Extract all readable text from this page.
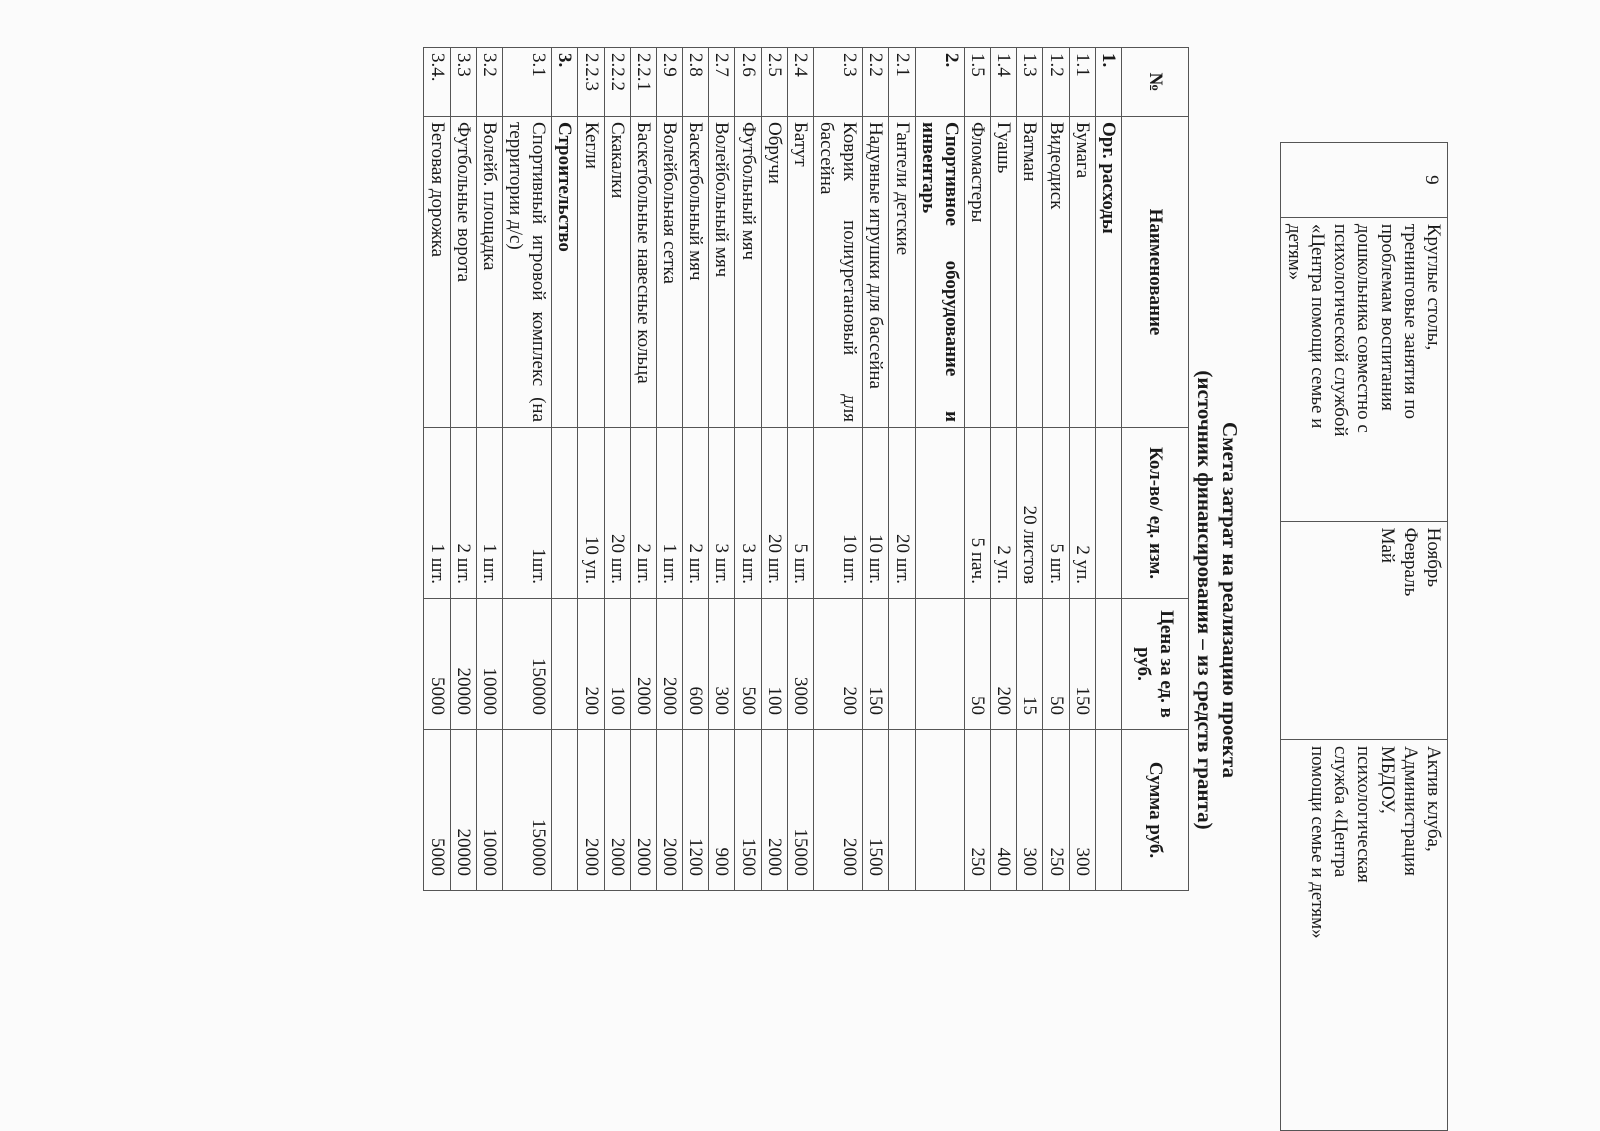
9	
Круглые столы,
тренинговые занятия по
проблемам воспитания
дошкольника совместно с
психологической службой
«Центра помощи семье и
детям»

Ноябрь
Февраль
Май

Актив клуба,
Администрация
МБДОУ,
психологическая
служба «Центра
помощи семье и детям»
Смета затрат на реализацию проекта
(источник финансирования – из средств гранта)
№	Наименование	Кол-во/ ед. изм.	Цена за ед. в руб.	Сумма руб.
1.	Орг. расходы			
1.1	Бумага	2 уп.	150	300
1.2	Видеодиск	5 шт.	50	250
1.3	Ватман	20 листов	15	300
1.4	Гуашь	2 уп.	200	400
1.5	Фломастеры	5 пач.	50	250
2.	Спортивное оборудование и инвентарь			
2.1	Гантели детские	20 шт.		
2.2	Надувные игрушки для бассейна	10 шт.	150	1500
2.3	Коврик полиуретановый для бассейна	10 шт.	200	2000
2.4	Батут	5 шт.	3000	15000
2.5	Обручи	20 шт.	100	2000
2.6	Футбольный мяч	3 шт.	500	1500
2.7	Волейбольный мяч	3 шт.	300	900
2.8	Баскетбольный мяч	2 шт.	600	1200
2.9	Волейбольная сетка	1 шт.	2000	2000
2.2.1	Баскетбольные навесные кольца	2 шт.	2000	2000
2.2.2	Скакалки	20 шт.	100	2000
2.2.3	Кегли	10 уп.	200	2000
3.	Строительство			
3.1	Спортивный игровой комплекс (на территории д/с)	1шт.	150000	150000
3.2	Волейб. площадка	1 шт.	10000	10000
3.3	Футбольные ворота	2 шт.	20000	20000
3.4.	Беговая дорожка	1 шт.	5000	5000
